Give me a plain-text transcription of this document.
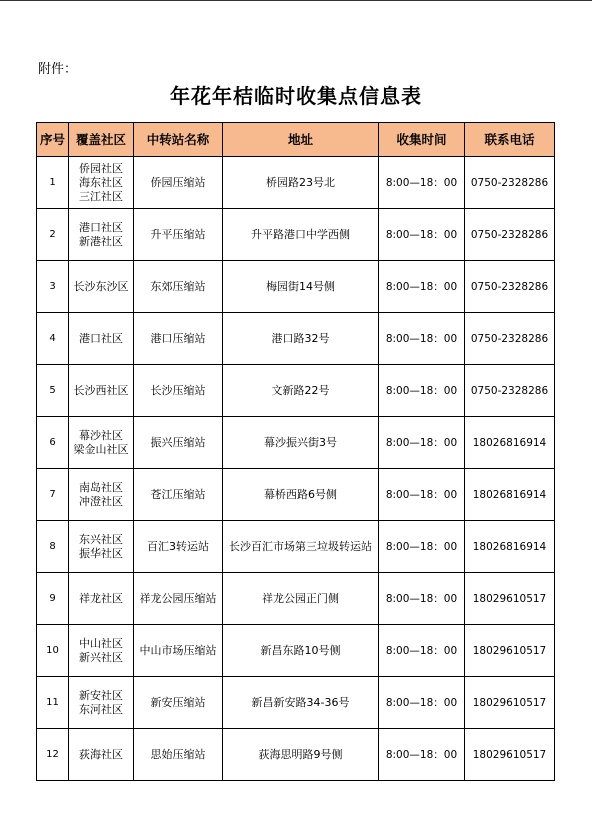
附件：
年花年桔临时收集点信息表
序号	覆盖社区	中转站名称	地址	收集时间	联系电话
1	侨园社区
海东社区
三江社区	侨园压缩站	桥园路23号北	8:00—18：00	0750-2328286
2	港口社区
新港社区	升平压缩站	升平路港口中学西侧	8:00—18：00	0750-2328286
3	长沙东沙区	东郊压缩站	梅园街14号侧	8:00—18：00	0750-2328286
4	港口社区	港口压缩站	港口路32号	8:00—18：00	0750-2328286
5	长沙西社区	长沙压缩站	文新路22号	8:00—18：00	0750-2328286
6	幕沙社区
梁金山社区	振兴压缩站	幕沙振兴街3号	8:00—18：00	18026816914
7	南岛社区
冲澄社区	苍江压缩站	幕桥西路6号侧	8:00—18：00	18026816914
8	东兴社区
振华社区	百汇3转运站	长沙百汇市场第三垃圾转运站	8:00—18：00	18026816914
9	祥龙社区	祥龙公园压缩站	祥龙公园正门侧	8:00—18：00	18029610517
10	中山社区
新兴社区	中山市场压缩站	新昌东路10号侧	8:00—18：00	18029610517
11	新安社区
东河社区	新安压缩站	新昌新安路34-36号	8:00—18：00	18029610517
12	荻海社区	思始压缩站	荻海思明路9号侧	8:00—18：00	18029610517
